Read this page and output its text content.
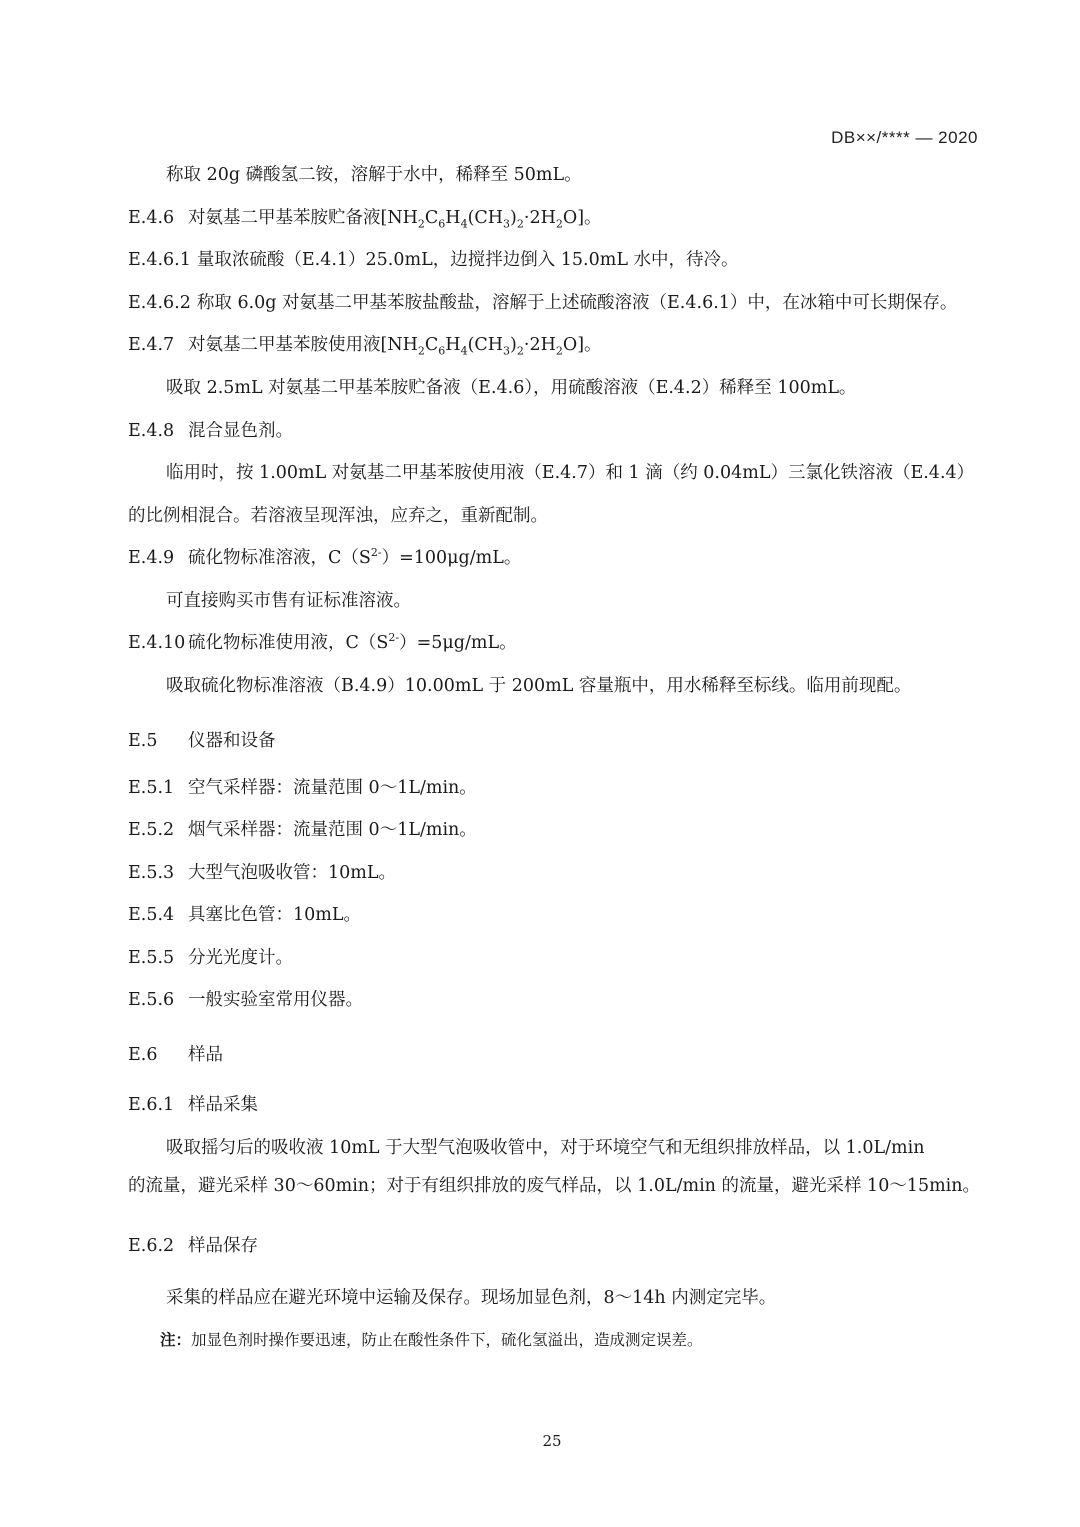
DB××/**** — 2020
称取 20g 磷酸氢二铵，溶解于水中，稀释至 50mL。
E.4.6 对氨基二甲基苯胺贮备液$[NH_2C_6H_4(CH_3)_2\cdot 2H_2O]$。
E.4.6.1 量取浓硫酸（E.4.1）25.0mL，边搅拌边倒入 15.0mL 水中，待冷。
E.4.6.2 称取 6.0g 对氨基二甲基苯胺盐酸盐，溶解于上述硫酸溶液（E.4.6.1）中，在冰箱中可长期保存。
E.4.7 对氨基二甲基苯胺使用液$[NH_2C_6H_4(CH_3)_2\cdot 2H_2O]$。
吸取 2.5mL 对氨基二甲基苯胺贮备液（E.4.6），用硫酸溶液（E.4.2）稀释至 100mL。
E.4.8 混合显色剂。
临用时，按 1.00mL 对氨基二甲基苯胺使用液（E.4.7）和 1 滴（约 0.04mL）三氯化铁溶液（E.4.4）
的比例相混合。若溶液呈现浑浊，应弃之，重新配制。
E.4.9 硫化物标准溶液，$C(S^{2-})=100\mu g/mL$。
可直接购买市售有证标准溶液。
E.4.10 硫化物标准使用液，$C(S^{2-})=5\mu g/mL$。
吸取硫化物标准溶液（B.4.9）10.00mL 于 200mL 容量瓶中，用水稀释至标线。临用前现配。
E.5 仪器和设备
E.5.1 空气采样器：流量范围 0～1L/min。
E.5.2 烟气采样器：流量范围 0～1L/min。
E.5.3 大型气泡吸收管：10mL。
E.5.4 具塞比色管：10mL。
E.5.5 分光光度计。
E.5.6 一般实验室常用仪器。
E.6 样品
E.6.1 样品采集
吸取摇匀后的吸收液 10mL 于大型气泡吸收管中，对于环境空气和无组织排放样品，以 1.0L/min
的流量，避光采样 30～60min；对于有组织排放的废气样品，以 1.0L/min 的流量，避光采样 10～15min。
E.6.2 样品保存
采集的样品应在避光环境中运输及保存。现场加显色剂，8～14h 内测定完毕。
注：加显色剂时操作要迅速，防止在酸性条件下，硫化氢溢出，造成测定误差。
25
